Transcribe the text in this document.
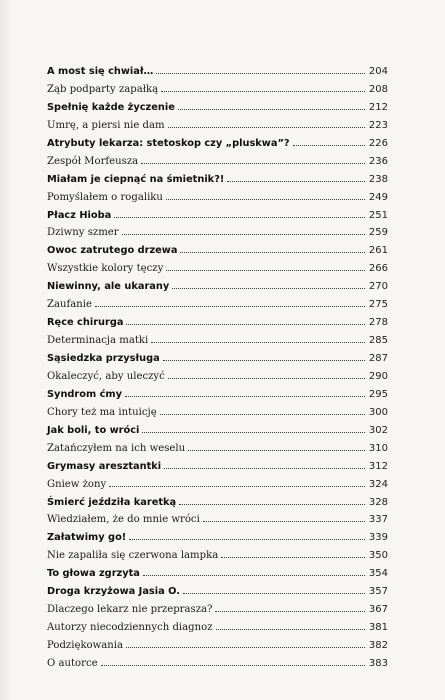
A most się chwiał…	204
Ząb podparty zapałką	208
Spełnię każde życzenie	212
Umrę, a piersi nie dam	223
Atrybuty lekarza: stetoskop czy „pluskwa”?	226
Zespół Morfeusza	236
Miałam je ciepnąć na śmietnik?!	238
Pomyślałem o rogaliku	249
Płacz Hioba	251
Dziwny szmer	259
Owoc zatrutego drzewa	261
Wszystkie kolory tęczy	266
Niewinny, ale ukarany	270
Zaufanie	275
Ręce chirurga	278
Determinacja matki	285
Sąsiedzka przysługa	287
Okaleczyć, aby uleczyć	290
Syndrom ćmy	295
Chory też ma intuicję	300
Jak boli, to wróci	302
Zatańczyłem na ich weselu	310
Grymasy aresztantki	312
Gniew żony	324
Śmierć jeździła karetką	328
Wiedziałem, że do mnie wróci	337
Załatwimy go!	339
Nie zapaliła się czerwona lampka	350
To głowa zgrzyta	354
Droga krzyżowa Jasia O.	357
Dlaczego lekarz nie przeprasza?	367
Autorzy niecodziennych diagnoz	381
Podziękowania	382
O autorce	383
